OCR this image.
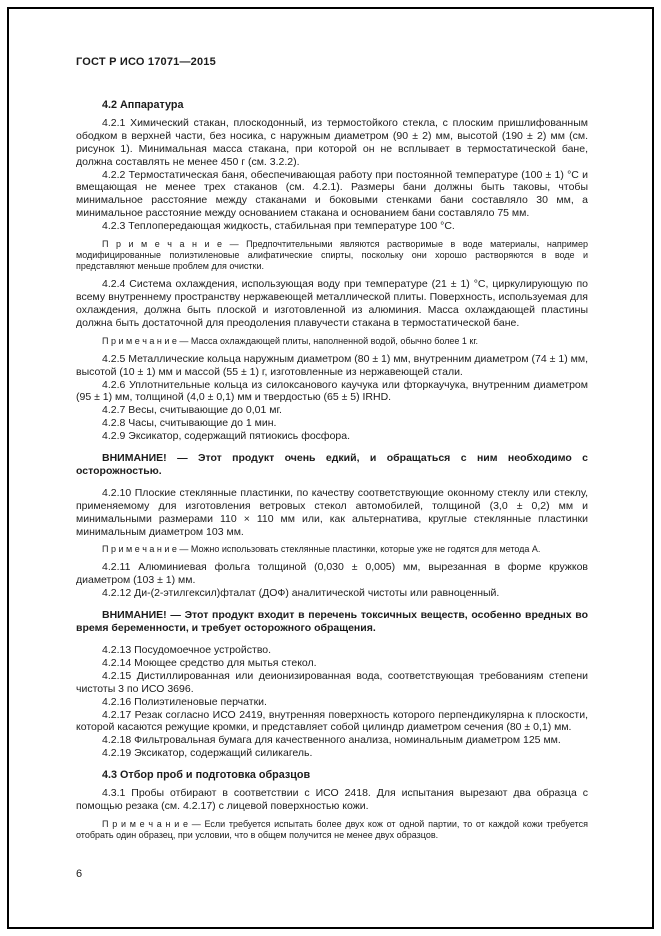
ГОСТ Р ИСО 17071—2015
4.2 Аппаратура
4.2.1 Химический стакан, плоскодонный, из термостойкого стекла, с плоским пришлифованным ободком в верхней части, без носика, с наружным диаметром (90 ± 2) мм, высотой (190 ± 2) мм (см. рисунок 1). Минимальная масса стакана, при которой он не всплывает в термостатической бане, должна составлять не менее 450 г (см. 3.2.2).
4.2.2 Термостатическая баня, обеспечивающая работу при постоянной температуре (100 ± 1) °C и вмещающая не менее трех стаканов (см. 4.2.1). Размеры бани должны быть таковы, чтобы минимальное расстояние между стаканами и боковыми стенками бани составляло 30 мм, а минимальное расстояние между основанием стакана и основанием бани составляло 75 мм.
4.2.3 Теплопередающая жидкость, стабильная при температуре 100 °C.
П р и м е ч а н и е — Предпочтительными являются растворимые в воде материалы, например модифицированные полиэтиленовые алифатические спирты, поскольку они хорошо растворяются в воде и представляют меньше проблем для очистки.
4.2.4 Система охлаждения, использующая воду при температуре (21 ± 1) °C, циркулирующую по всему внутреннему пространству нержавеющей металлической плиты. Поверхность, используемая для охлаждения, должна быть плоской и изготовленной из алюминия. Масса охлаждающей пластины должна быть достаточной для преодоления плавучести стакана в термостатической бане.
П р и м е ч а н и е — Масса охлаждающей плиты, наполненной водой, обычно более 1 кг.
4.2.5 Металлические кольца наружным диаметром (80 ± 1) мм, внутренним диаметром (74 ± 1) мм, высотой (10 ± 1) мм и массой (55 ± 1) г, изготовленные из нержавеющей стали.
4.2.6 Уплотнительные кольца из силоксанового каучука или фторкаучука, внутренним диаметром (95 ± 1) мм, толщиной (4,0 ± 0,1) мм и твердостью (65 ± 5) IRHD.
4.2.7 Весы, считывающие до 0,01 мг.
4.2.8 Часы, считывающие до 1 мин.
4.2.9 Эксикатор, содержащий пятиокись фосфора.
ВНИМАНИЕ! — Этот продукт очень едкий, и обращаться с ним необходимо с осторожностью.
4.2.10 Плоские стеклянные пластинки, по качеству соответствующие оконному стеклу или стеклу, применяемому для изготовления ветровых стекол автомобилей, толщиной (3,0 ± 0,2) мм и минимальными размерами 110 × 110 мм или, как альтернатива, круглые стеклянные пластинки минимальным диаметром 103 мм.
П р и м е ч а н и е — Можно использовать стеклянные пластинки, которые уже не годятся для метода А.
4.2.11 Алюминиевая фольга толщиной (0,030 ± 0,005) мм, вырезанная в форме кружков диаметром (103 ± 1) мм.
4.2.12 Ди-(2-этилгексил)фталат (ДОФ) аналитической чистоты или равноценный.
ВНИМАНИЕ! — Этот продукт входит в перечень токсичных веществ, особенно вредных во время беременности, и требует осторожного обращения.
4.2.13 Посудомоечное устройство.
4.2.14 Моющее средство для мытья стекол.
4.2.15 Дистиллированная или деионизированная вода, соответствующая требованиям степени чистоты 3 по ИСО 3696.
4.2.16 Полиэтиленовые перчатки.
4.2.17 Резак согласно ИСО 2419, внутренняя поверхность которого перпендикулярна к плоскости, которой касаются режущие кромки, и представляет собой цилиндр диаметром сечения (80 ± 0,1) мм.
4.2.18 Фильтровальная бумага для качественного анализа, номинальным диаметром 125 мм.
4.2.19 Эксикатор, содержащий силикагель.
4.3 Отбор проб и подготовка образцов
4.3.1 Пробы отбирают в соответствии с ИСО 2418. Для испытания вырезают два образца с помощью резака (см. 4.2.17) с лицевой поверхностью кожи.
П р и м е ч а н и е — Если требуется испытать более двух кож от одной партии, то от каждой кожи требуется отобрать один образец, при условии, что в общем получится не менее двух образцов.
6
